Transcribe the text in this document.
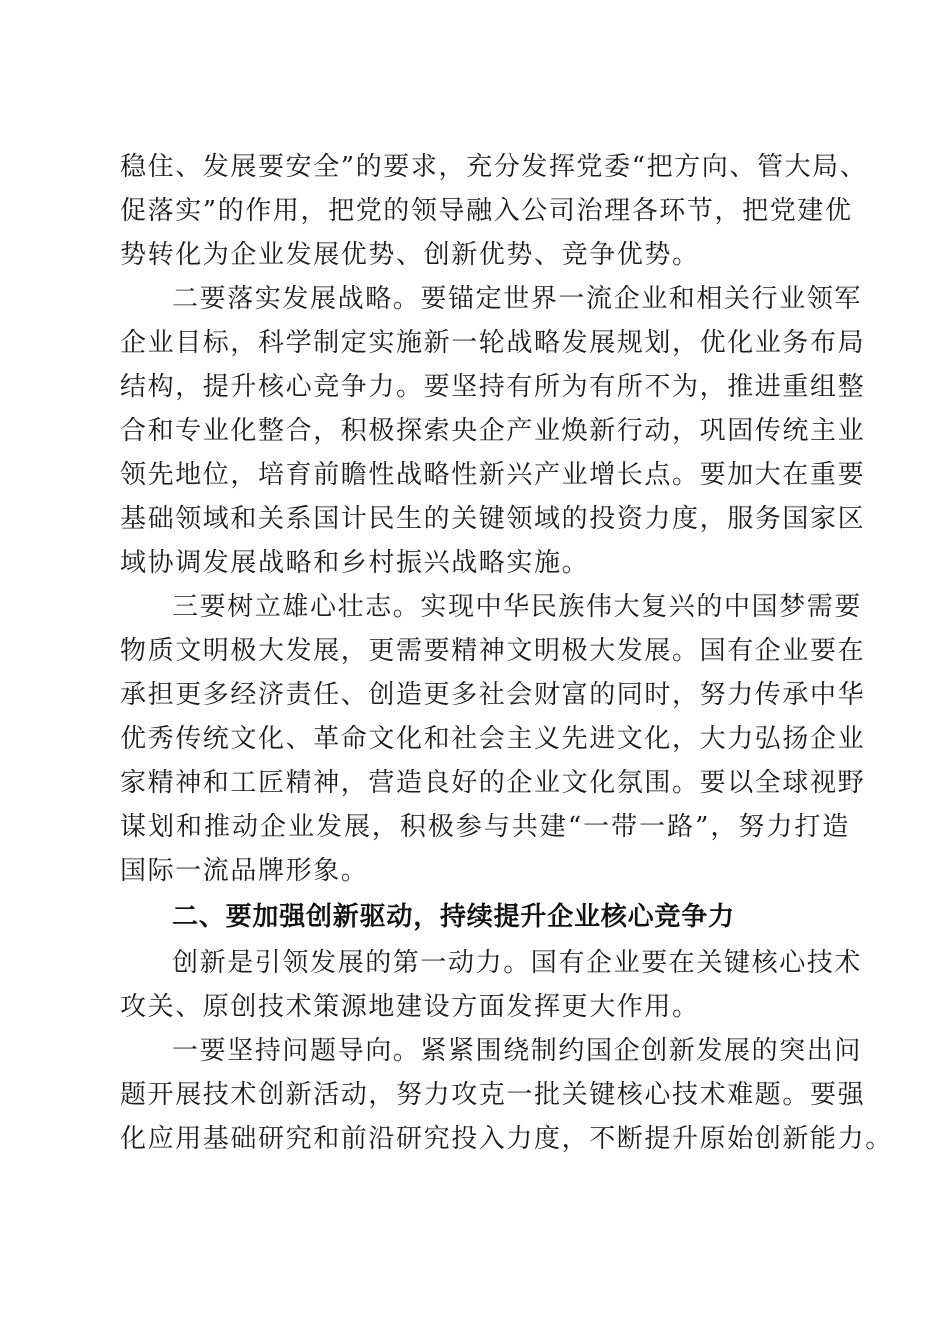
稳住、发展要安全”的要求，充分发挥党委“把方向、管大局、
促落实”的作用，把党的领导融入公司治理各环节，把党建优
势转化为企业发展优势、创新优势、竞争优势。
二要落实发展战略。要锚定世界一流企业和相关行业领军
企业目标，科学制定实施新一轮战略发展规划，优化业务布局
结构，提升核心竞争力。要坚持有所为有所不为，推进重组整
合和专业化整合，积极探索央企产业焕新行动，巩固传统主业
领先地位，培育前瞻性战略性新兴产业增长点。要加大在重要
基础领域和关系国计民生的关键领域的投资力度，服务国家区
域协调发展战略和乡村振兴战略实施。
三要树立雄心壮志。实现中华民族伟大复兴的中国梦需要
物质文明极大发展，更需要精神文明极大发展。国有企业要在
承担更多经济责任、创造更多社会财富的同时，努力传承中华
优秀传统文化、革命文化和社会主义先进文化，大力弘扬企业
家精神和工匠精神，营造良好的企业文化氛围。要以全球视野
谋划和推动企业发展，积极参与共建“一带一路”，努力打造
国际一流品牌形象。
二、要加强创新驱动，持续提升企业核心竞争力
创新是引领发展的第一动力。国有企业要在关键核心技术
攻关、原创技术策源地建设方面发挥更大作用。
一要坚持问题导向。紧紧围绕制约国企创新发展的突出问
题开展技术创新活动，努力攻克一批关键核心技术难题。要强
化应用基础研究和前沿研究投入力度，不断提升原始创新能力。
